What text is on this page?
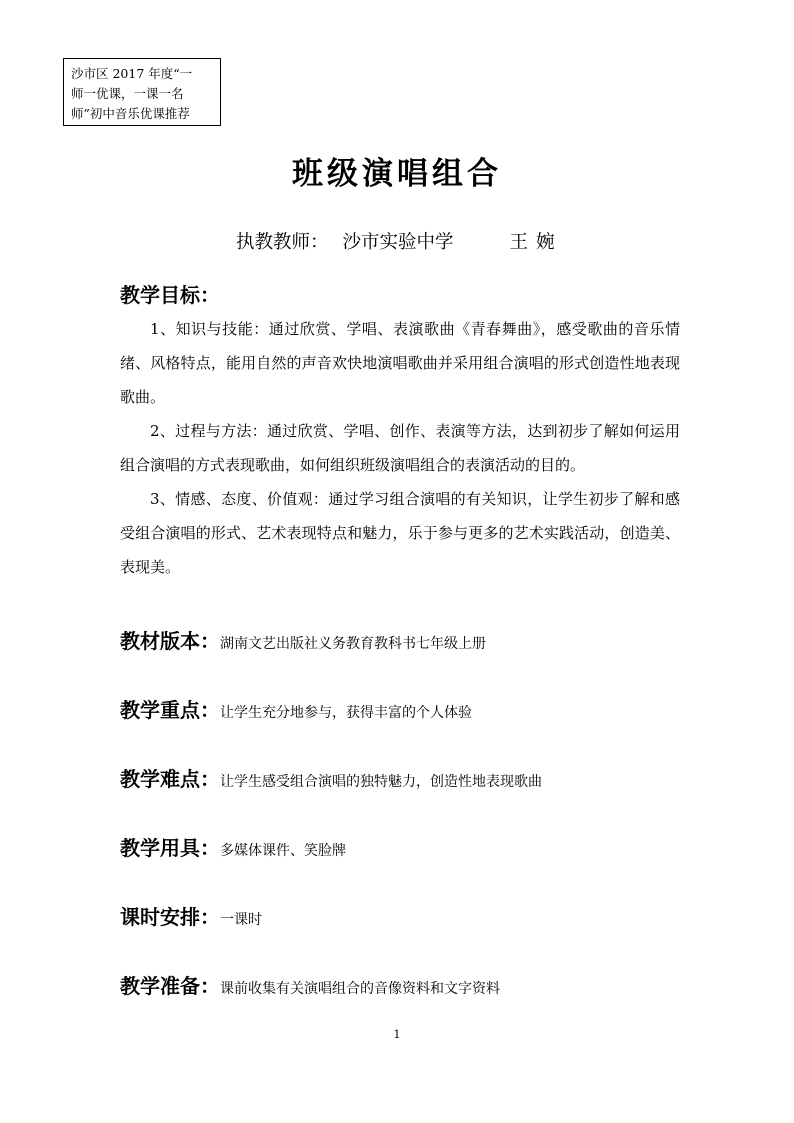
沙市区 2017 年度“一
师一优课，一课一名
师”初中音乐优课推荐
班级演唱组合
执教教师： 沙市实验中学	王婉
教学目标：
1、知识与技能：通过欣赏、学唱、表演歌曲《青春舞曲》，感受歌曲的音乐情绪、风格特点，能用自然的声音欢快地演唱歌曲并采用组合演唱的形式创造性地表现歌曲。
2、过程与方法：通过欣赏、学唱、创作、表演等方法，达到初步了解如何运用组合演唱的方式表现歌曲，如何组织班级演唱组合的表演活动的目的。
3、情感、态度、价值观：通过学习组合演唱的有关知识，让学生初步了解和感受组合演唱的形式、艺术表现特点和魅力，乐于参与更多的艺术实践活动，创造美、表现美。
教材版本：湖南文艺出版社义务教育教科书七年级上册
教学重点：让学生充分地参与，获得丰富的个人体验
教学难点：让学生感受组合演唱的独特魅力，创造性地表现歌曲
教学用具：多媒体课件、笑脸牌
课时安排：一课时
教学准备：课前收集有关演唱组合的音像资料和文字资料
1
